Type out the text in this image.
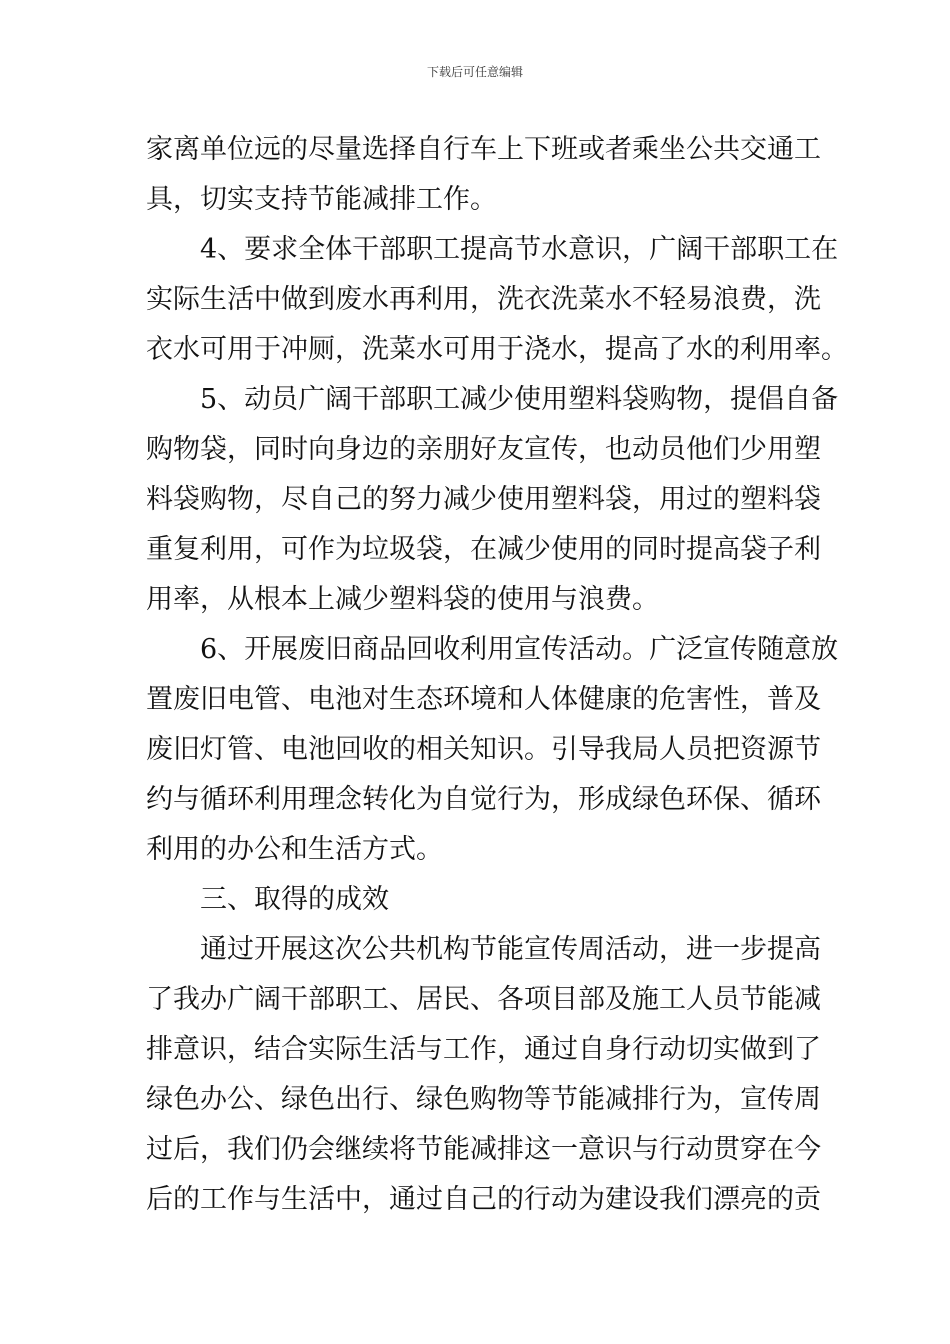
下载后可任意编辑
家离单位远的尽量选择自行车上下班或者乘坐公共交通工
具，切实支持节能减排工作。
4、要求全体干部职工提高节水意识，广阔干部职工在
实际生活中做到废水再利用，洗衣洗菜水不轻易浪费，洗
衣水可用于冲厕，洗菜水可用于浇水，提高了水的利用率。
5、动员广阔干部职工减少使用塑料袋购物，提倡自备
购物袋，同时向身边的亲朋好友宣传，也动员他们少用塑
料袋购物，尽自己的努力减少使用塑料袋，用过的塑料袋
重复利用，可作为垃圾袋，在减少使用的同时提高袋子利
用率，从根本上减少塑料袋的使用与浪费。
6、开展废旧商品回收利用宣传活动。广泛宣传随意放
置废旧电管、电池对生态环境和人体健康的危害性，普及
废旧灯管、电池回收的相关知识。引导我局人员把资源节
约与循环利用理念转化为自觉行为，形成绿色环保、循环
利用的办公和生活方式。
三、取得的成效
通过开展这次公共机构节能宣传周活动，进一步提高
了我办广阔干部职工、居民、各项目部及施工人员节能减
排意识，结合实际生活与工作，通过自身行动切实做到了
绿色办公、绿色出行、绿色购物等节能减排行为，宣传周
过后，我们仍会继续将节能减排这一意识与行动贯穿在今
后的工作与生活中，通过自己的行动为建设我们漂亮的贡
